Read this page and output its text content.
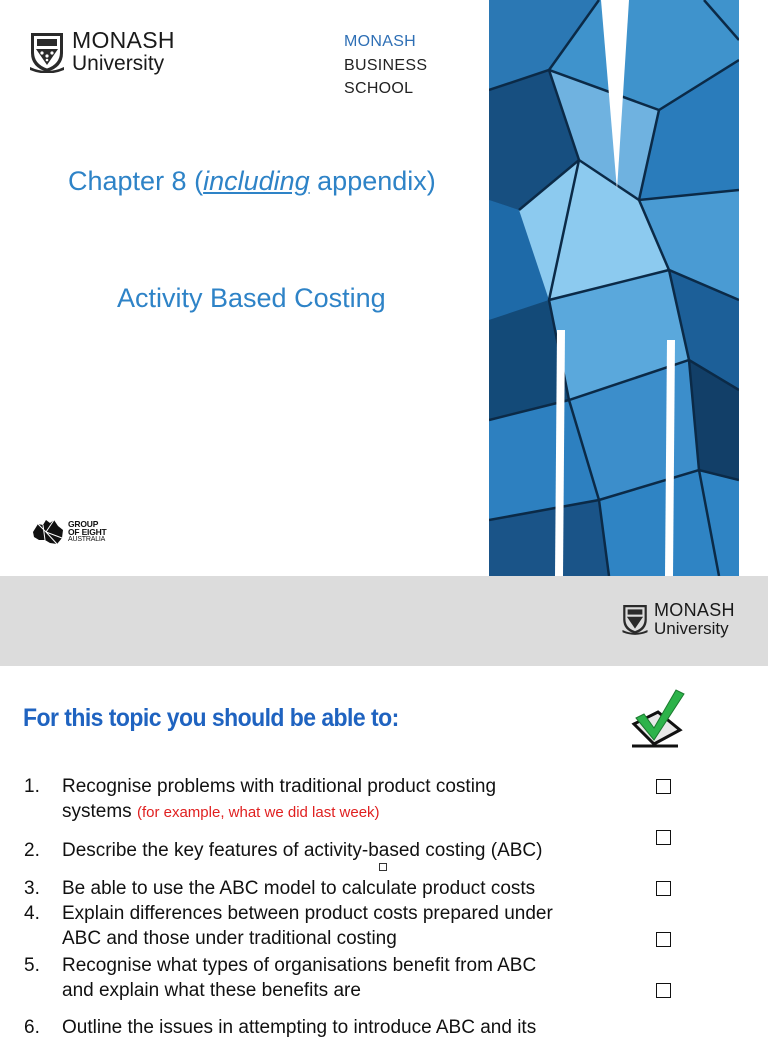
MONASH
University
MONASH
BUSINESS
SCHOOL
Chapter 8 (including appendix)
Activity Based Costing
GROUP
OF EIGHT
AUSTRALIA
MONASH
University
For this topic you should be able to:
1.	Recognise problems with traditional product costing
systems (for example, what we did last week)
2.	Describe the key features of activity-based costing (ABC)
3.	Be able to use the ABC model to calculate product costs
4.	Explain differences between product costs prepared under
ABC and those under traditional costing
5.	Recognise what types of organisations benefit from ABC
and explain what these benefits are
6.	Outline the issues in attempting to introduce ABC and its
